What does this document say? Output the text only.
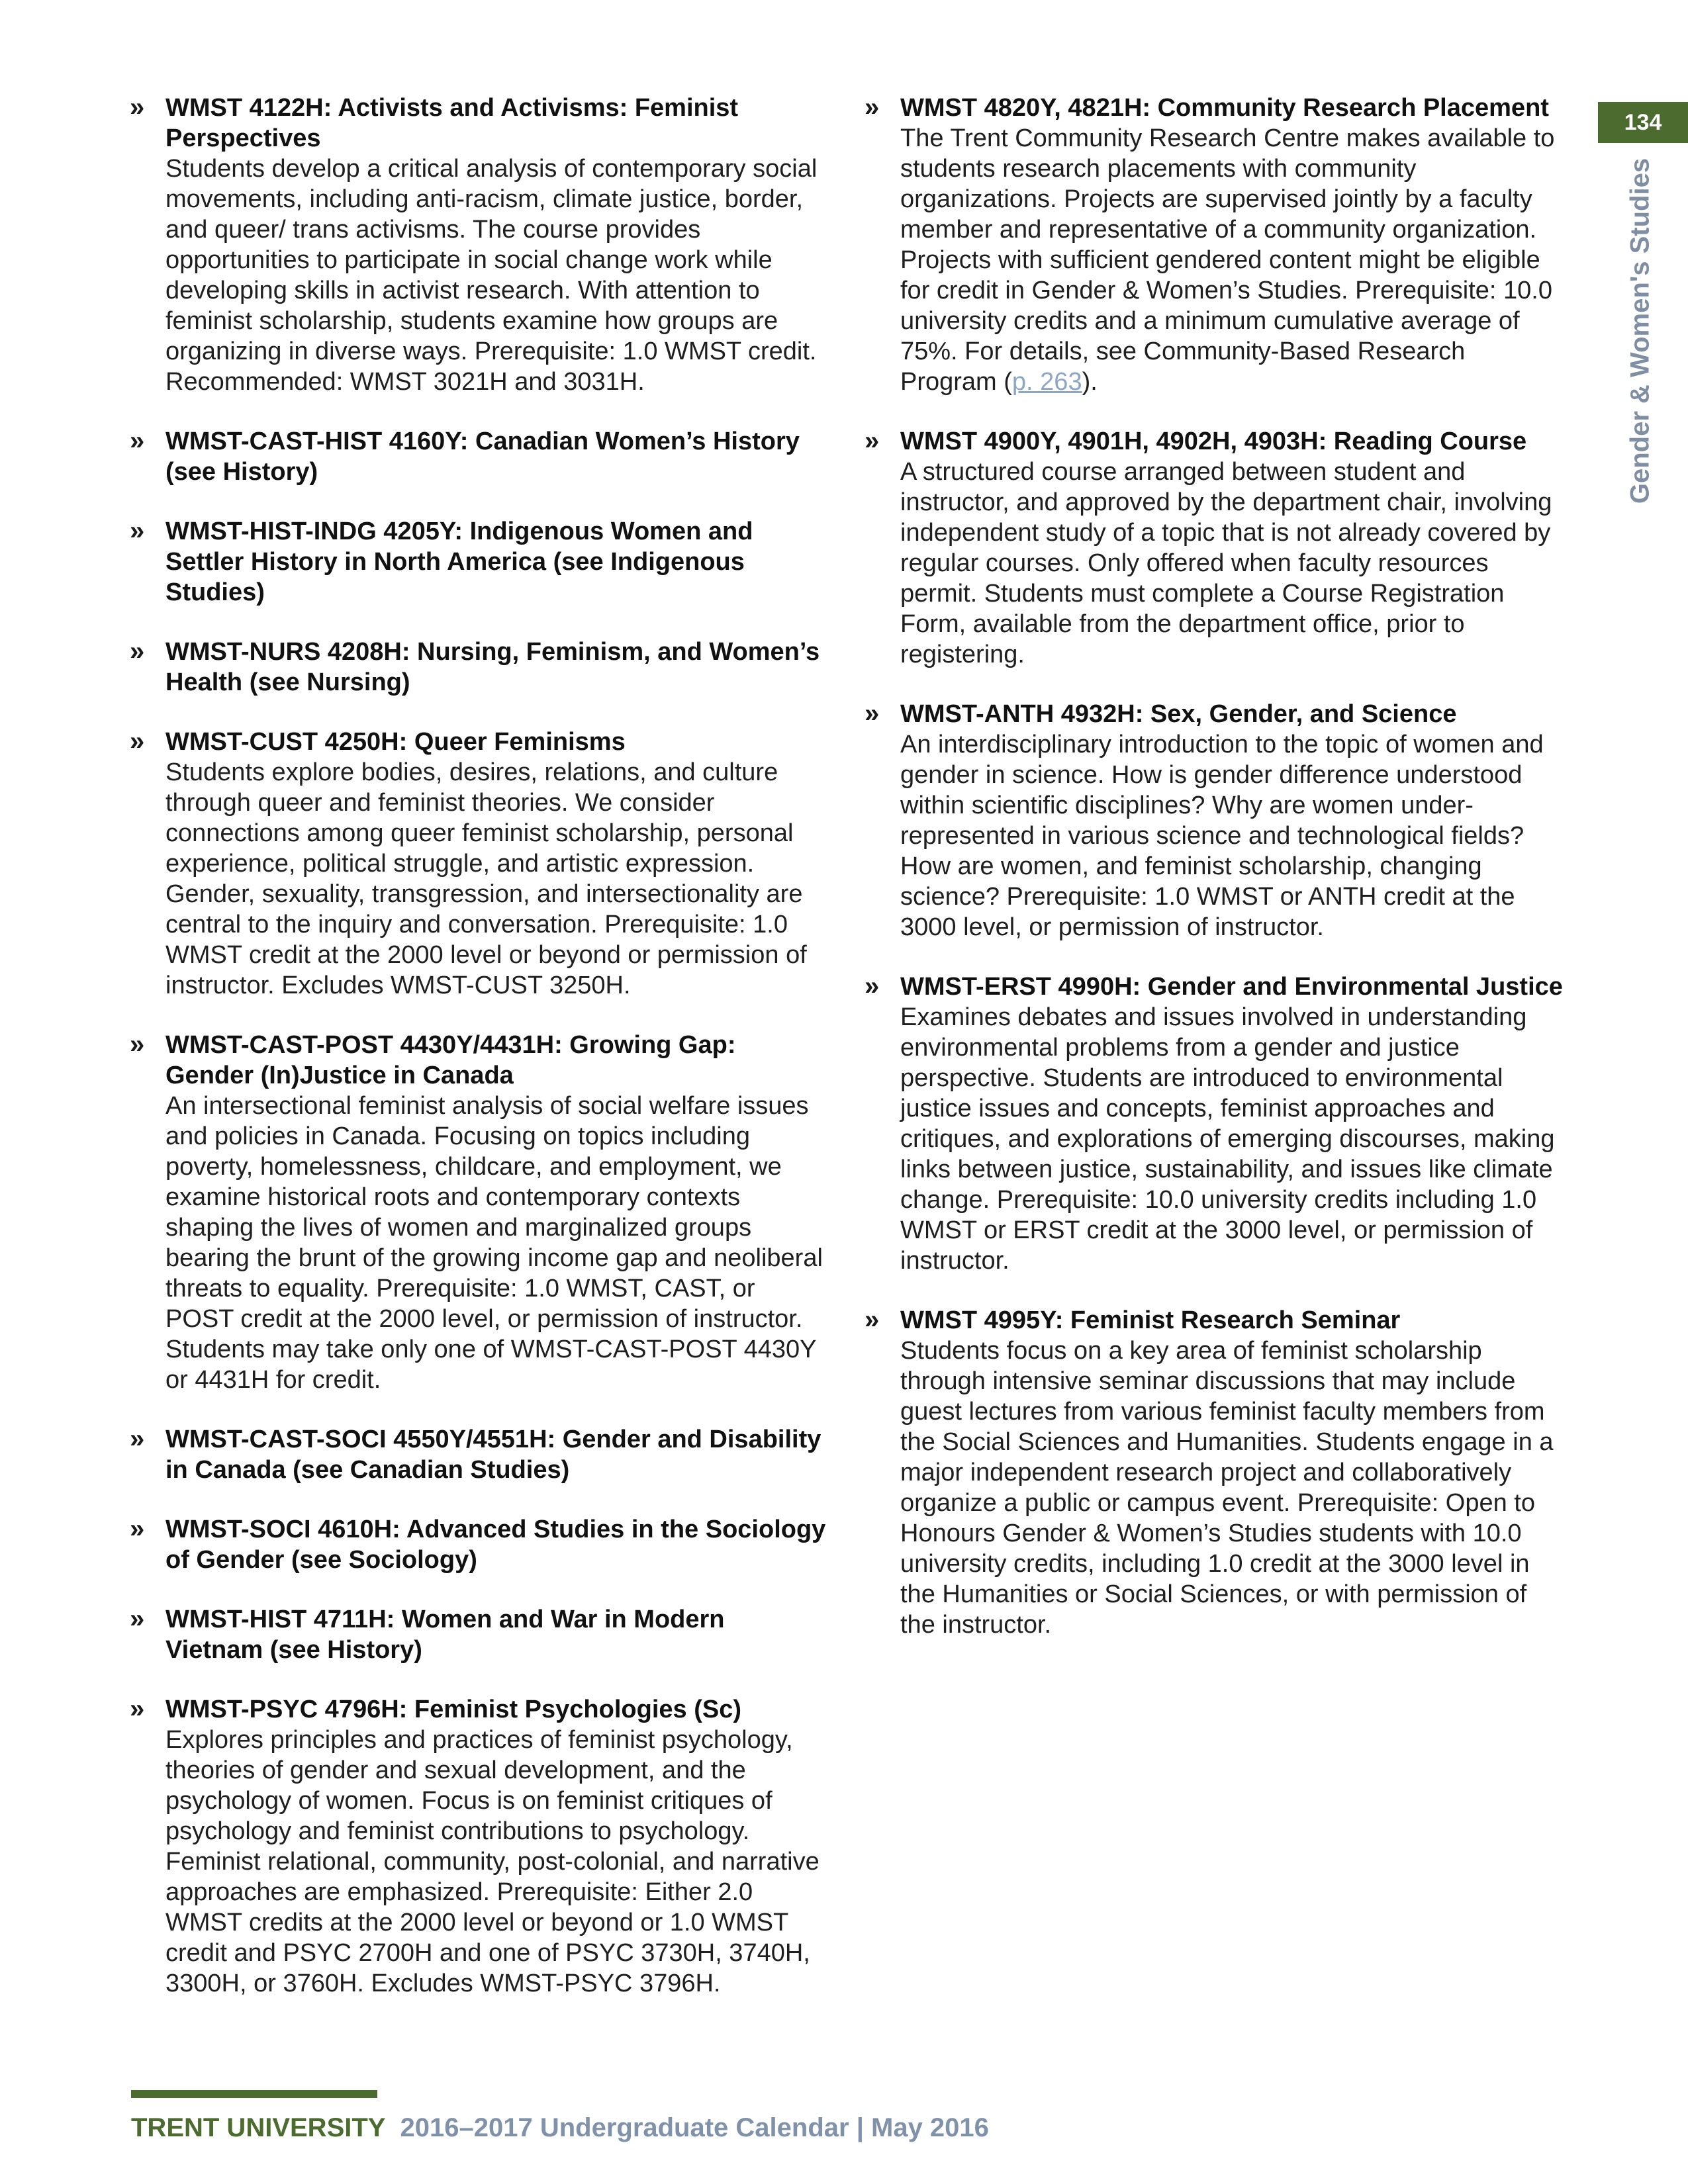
» WMST 4122H: Activists and Activisms: Feminist Perspectives
Students develop a critical analysis of contemporary social movements, including anti-racism, climate justice, border, and queer/ trans activisms. The course provides opportunities to participate in social change work while developing skills in activist research. With attention to feminist scholarship, students examine how groups are organizing in diverse ways. Prerequisite: 1.0 WMST credit. Recommended: WMST 3021H and 3031H.
» WMST-CAST-HIST 4160Y: Canadian Women’s History (see History)
» WMST-HIST-INDG 4205Y: Indigenous Women and Settler History in North America (see Indigenous Studies)
» WMST-NURS 4208H: Nursing, Feminism, and Women’s Health (see Nursing)
» WMST-CUST 4250H: Queer Feminisms
Students explore bodies, desires, relations, and culture through queer and feminist theories. We consider connections among queer feminist scholarship, personal experience, political struggle, and artistic expression. Gender, sexuality, transgression, and intersectionality are central to the inquiry and conversation. Prerequisite: 1.0 WMST credit at the 2000 level or beyond or permission of instructor. Excludes WMST-CUST 3250H.
» WMST-CAST-POST 4430Y/4431H: Growing Gap: Gender (In)Justice in Canada
An intersectional feminist analysis of social welfare issues and policies in Canada. Focusing on topics including poverty, homelessness, childcare, and employment, we examine historical roots and contemporary contexts shaping the lives of women and marginalized groups bearing the brunt of the growing income gap and neoliberal threats to equality. Prerequisite: 1.0 WMST, CAST, or POST credit at the 2000 level, or permission of instructor. Students may take only one of WMST-CAST-POST 4430Y or 4431H for credit.
» WMST-CAST-SOCI 4550Y/4551H: Gender and Disability in Canada (see Canadian Studies)
» WMST-SOCI 4610H: Advanced Studies in the Sociology of Gender (see Sociology)
» WMST-HIST 4711H: Women and War in Modern Vietnam (see History)
» WMST-PSYC 4796H: Feminist Psychologies (Sc)
Explores principles and practices of feminist psychology, theories of gender and sexual development, and the psychology of women. Focus is on feminist critiques of psychology and feminist contributions to psychology. Feminist relational, community, post-colonial, and narrative approaches are emphasized. Prerequisite: Either 2.0 WMST credits at the 2000 level or beyond or 1.0 WMST credit and PSYC 2700H and one of PSYC 3730H, 3740H, 3300H, or 3760H. Excludes WMST-PSYC 3796H.
» WMST 4820Y, 4821H: Community Research Placement
The Trent Community Research Centre makes available to students research placements with community organizations. Projects are supervised jointly by a faculty member and representative of a community organization. Projects with sufficient gendered content might be eligible for credit in Gender & Women’s Studies. Prerequisite: 10.0 university credits and a minimum cumulative average of 75%. For details, see Community-Based Research Program (p. 263).
» WMST 4900Y, 4901H, 4902H, 4903H: Reading Course
A structured course arranged between student and instructor, and approved by the department chair, involving independent study of a topic that is not already covered by regular courses. Only offered when faculty resources permit. Students must complete a Course Registration Form, available from the department office, prior to registering.
» WMST-ANTH 4932H: Sex, Gender, and Science
An interdisciplinary introduction to the topic of women and gender in science. How is gender difference understood within scientific disciplines? Why are women under-represented in various science and technological fields? How are women, and feminist scholarship, changing science? Prerequisite: 1.0 WMST or ANTH credit at the 3000 level, or permission of instructor.
» WMST-ERST 4990H: Gender and Environmental Justice
Examines debates and issues involved in understanding environmental problems from a gender and justice perspective. Students are introduced to environmental justice issues and concepts, feminist approaches and critiques, and explorations of emerging discourses, making links between justice, sustainability, and issues like climate change. Prerequisite: 10.0 university credits including 1.0 WMST or ERST credit at the 3000 level, or permission of instructor.
» WMST 4995Y: Feminist Research Seminar
Students focus on a key area of feminist scholarship through intensive seminar discussions that may include guest lectures from various feminist faculty members from the Social Sciences and Humanities. Students engage in a major independent research project and collaboratively organize a public or campus event. Prerequisite: Open to Honours Gender & Women’s Studies students with 10.0 university credits, including 1.0 credit at the 3000 level in the Humanities or Social Sciences, or with permission of the instructor.
134
Gender & Women's Studies
TRENT UNIVERSITY 2016–2017 Undergraduate Calendar | May 2016
